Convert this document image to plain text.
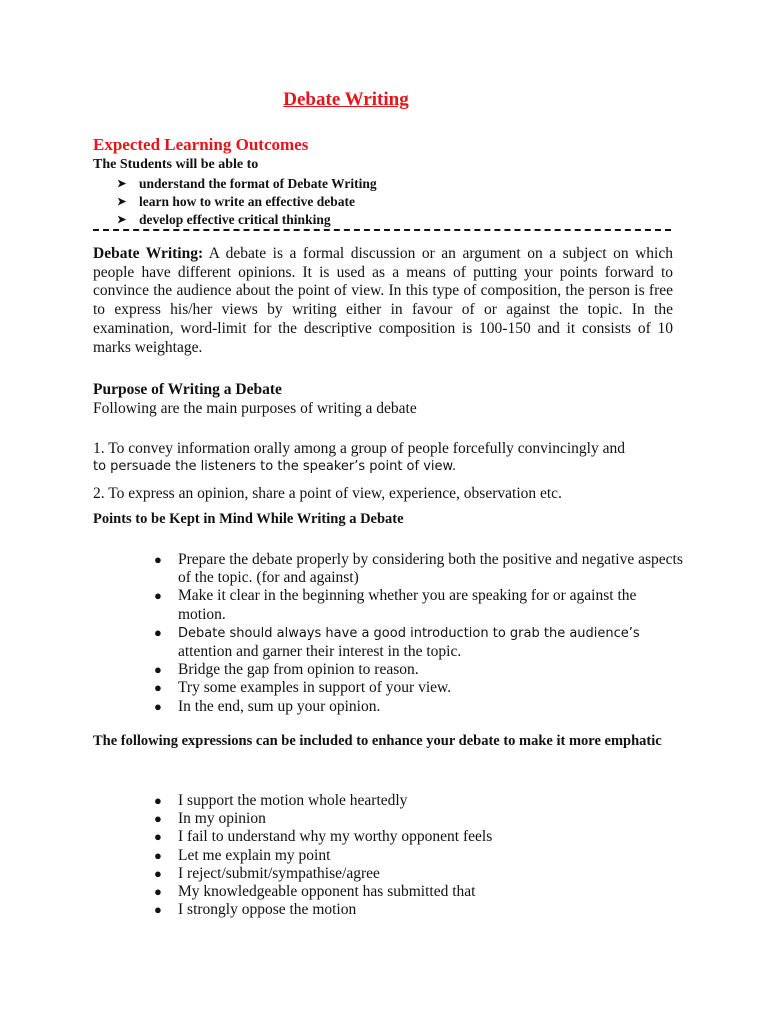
Debate Writing
Expected Learning Outcomes
The Students will be able to
➤ understand the format of Debate Writing
➤ learn how to write an effective debate
➤ develop effective critical thinking
Debate Writing: A debate is a formal discussion or an argument on a subject on which people have different opinions. It is used as a means of putting your points forward to convince the audience about the point of view. In this type of composition, the person is free to express his/her views by writing either in favour of or against the topic. In the examination, word-limit for the descriptive composition is 100-150 and it consists of 10 marks weightage.
Purpose of Writing a Debate
Following are the main purposes of writing a debate
1. To convey information orally among a group of people forcefully convincingly and
to persuade the listeners to the speaker’s point of view.
2. To express an opinion, share a point of view, experience, observation etc.
Points to be Kept in Mind While Writing a Debate
● Prepare the debate properly by considering both the positive and negative aspects of the topic. (for and against)
● Make it clear in the beginning whether you are speaking for or against the motion.
● Debate should always have a good introduction to grab the audience’s
attention and garner their interest in the topic.
● Bridge the gap from opinion to reason.
● Try some examples in support of your view.
● In the end, sum up your opinion.
The following expressions can be included to enhance your debate to make it more emphatic
● I support the motion whole heartedly
● In my opinion
● I fail to understand why my worthy opponent feels
● Let me explain my point
● I reject/submit/sympathise/agree
● My knowledgeable opponent has submitted that
● I strongly oppose the motion
